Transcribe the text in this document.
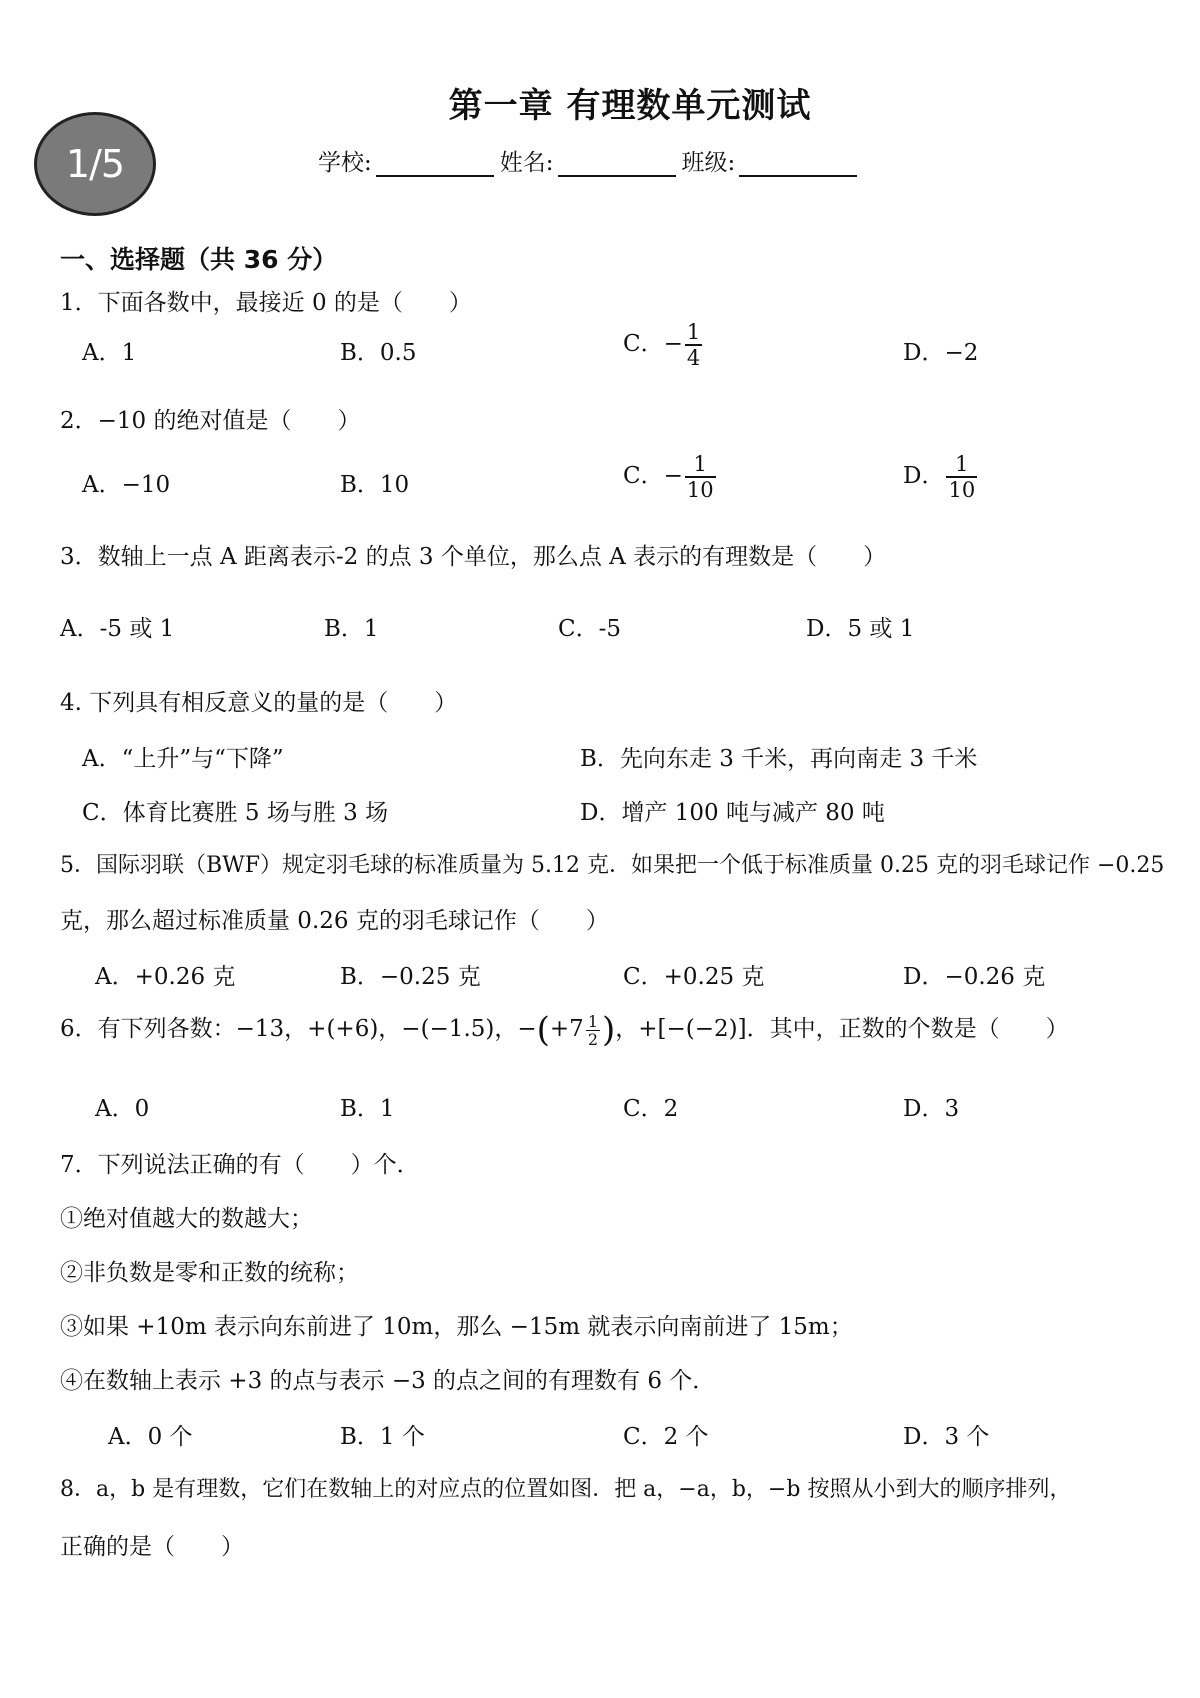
1/5
第一章 有理数单元测试
学校:	姓名:	班级:
一、选择题（共 36 分）
1．下面各数中，最接近 0 的是（　　）
A．1	B．0.5	C．− $\frac{1}{4}$	D．−2
2．−10 的绝对值是（　　）
A．−10	B．10	C．− $\frac{1}{10}$	D． $\frac{1}{10}$
3．数轴上一点 A 距离表示-2 的点 3 个单位，那么点 A 表示的有理数是（　　）
A．-5 或 1	B．1	C．-5	D．5 或 1
4. 下列具有相反意义的量的是（　　）
A．“上升”与“下降”	B．先向东走 3 千米，再向南走 3 千米
C．体育比赛胜 5 场与胜 3 场	D．增产 100 吨与减产 80 吨
5．国际羽联（BWF）规定羽毛球的标准质量为 5.12 克．如果把一个低于标准质量 0.25 克的羽毛球记作 −0.25
克，那么超过标准质量 0.26 克的羽毛球记作（　　）
A．+0.26 克	B．−0.25 克	C．+0.25 克	D．−0.26 克
6．有下列各数：−13，+(+6)，−(−1.5)，$-(+7 \frac{1}{2}$ )，+[−(−2)]．其中，正数的个数是（　　）
A．0	B．1	C．2	D．3
7．下列说法正确的有（　　）个．
①绝对值越大的数越大；
②非负数是零和正数的统称；
③如果 +10m 表示向东前进了 10m，那么 −15m 就表示向南前进了 15m；
④在数轴上表示 +3 的点与表示 −3 的点之间的有理数有 6 个．
A．0 个	B．1 个	C．2 个	D．3 个
8．a，b 是有理数，它们在数轴上的对应点的位置如图．把 a，−a，b，−b 按照从小到大的顺序排列，
正确的是（　　）
